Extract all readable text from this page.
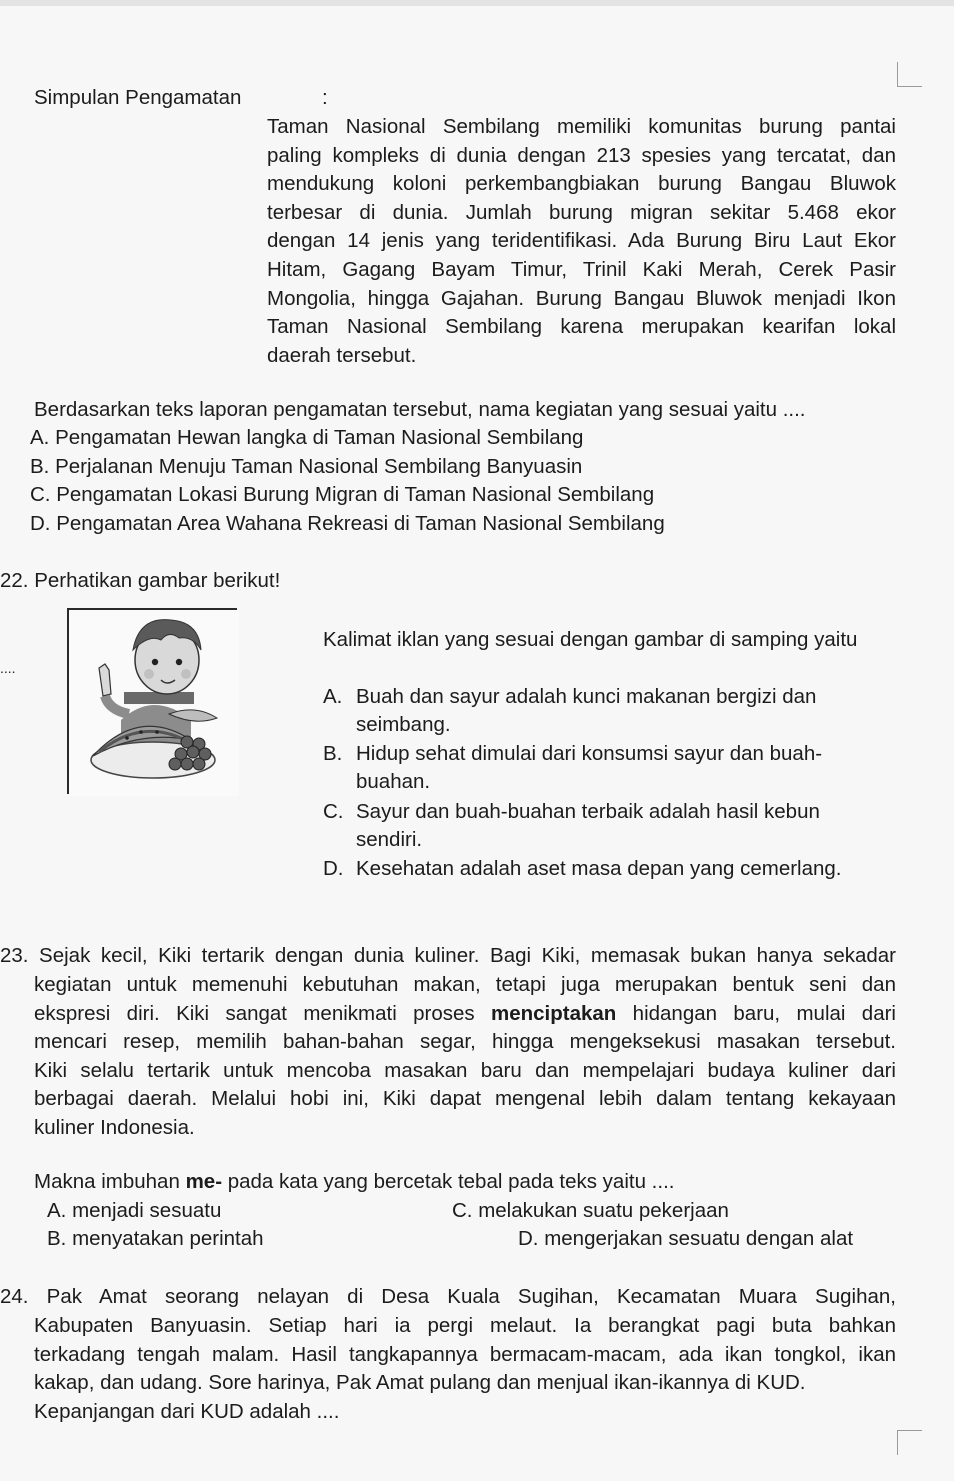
Simpulan Pengamatan	:
Taman Nasional Sembilang memiliki komunitas burung pantai
paling kompleks di dunia dengan 213 spesies yang tercatat, dan
mendukung koloni perkembangbiakan burung Bangau Bluwok
terbesar di dunia. Jumlah burung migran sekitar 5.468 ekor
dengan 14 jenis yang teridentifikasi. Ada Burung Biru Laut Ekor
Hitam, Gagang Bayam Timur, Trinil Kaki Merah, Cerek Pasir
Mongolia, hingga Gajahan. Burung Bangau Bluwok menjadi Ikon
Taman Nasional Sembilang karena merupakan kearifan lokal
daerah tersebut.
Berdasarkan teks laporan pengamatan tersebut, nama kegiatan yang sesuai yaitu ....
A. Pengamatan Hewan langka di Taman Nasional Sembilang
B. Perjalanan Menuju Taman Nasional Sembilang Banyuasin
C. Pengamatan Lokasi Burung Migran di Taman Nasional Sembilang
D. Pengamatan Area Wahana Rekreasi di Taman Nasional Sembilang
22. Perhatikan gambar berikut!
Kalimat iklan yang sesuai dengan gambar di samping yaitu
....
A. Buah dan sayur adalah kunci makanan bergizi dan
seimbang.
B. Hidup sehat dimulai dari konsumsi sayur dan buah-
buahan.
C. Sayur dan buah-buahan terbaik adalah hasil kebun
sendiri.
D. Kesehatan adalah aset masa depan yang cemerlang.
23. Sejak kecil, Kiki tertarik dengan dunia kuliner. Bagi Kiki, memasak bukan hanya sekadar
kegiatan untuk memenuhi kebutuhan makan, tetapi juga merupakan bentuk seni dan
ekspresi diri. Kiki sangat menikmati proses menciptakan hidangan baru, mulai dari
mencari resep, memilih bahan-bahan segar, hingga mengeksekusi masakan tersebut.
Kiki selalu tertarik untuk mencoba masakan baru dan mempelajari budaya kuliner dari
berbagai daerah. Melalui hobi ini, Kiki dapat mengenal lebih dalam tentang kekayaan
kuliner Indonesia.
Makna imbuhan me- pada kata yang bercetak tebal pada teks yaitu ....
A. menjadi sesuatu	C. melakukan suatu pekerjaan
B. menyatakan perintah	D. mengerjakan sesuatu dengan alat
24. Pak Amat seorang nelayan di Desa Kuala Sugihan, Kecamatan Muara Sugihan,
Kabupaten Banyuasin. Setiap hari ia pergi melaut. Ia berangkat pagi buta bahkan
terkadang tengah malam. Hasil tangkapannya bermacam-macam, ada ikan tongkol, ikan
kakap, dan udang. Sore harinya, Pak Amat pulang dan menjual ikan-ikannya di KUD.
Kepanjangan dari KUD adalah ....
